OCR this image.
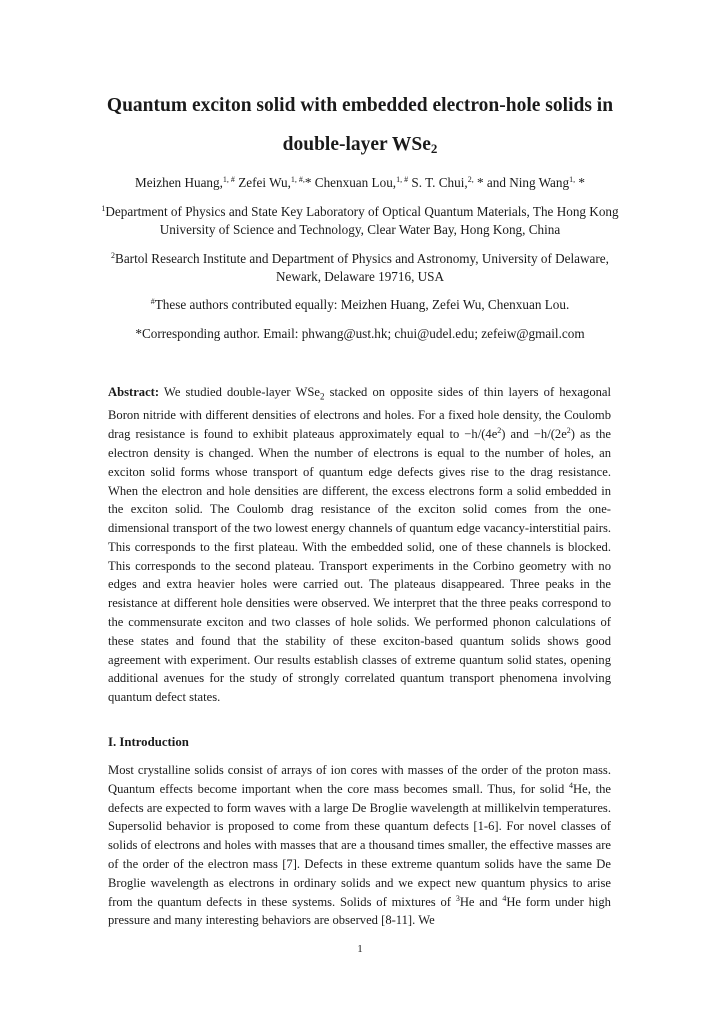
Quantum exciton solid with embedded electron-hole solids in
double-layer WSe$_2$
Meizhen Huang,$^{1, \#}$ Zefei Wu,$^{1, \#,}$* Chenxuan Lou,$^{1, \#}$ S. T. Chui,$^{2,}$ * and Ning Wang$^{1,}$ *
$^1$Department of Physics and State Key Laboratory of Optical Quantum Materials, The Hong Kong University of Science and Technology, Clear Water Bay, Hong Kong, China
$^2$Bartol Research Institute and Department of Physics and Astronomy, University of Delaware, Newark, Delaware 19716, USA
#These authors contributed equally: Meizhen Huang, Zefei Wu, Chenxuan Lou.
*Corresponding author. Email: phwang@ust.hk; chui@udel.edu; zefeiw@gmail.com

Abstract: We studied double-layer WSe$_2$ stacked on opposite sides of thin layers of hexagonal Boron nitride with different densities of electrons and holes. For a fixed hole density, the Coulomb drag resistance is found to exhibit plateaus approximately equal to $-h/(4e^2)$ and $-h/(2e^2)$ as the electron density is changed. When the number of electrons is equal to the number of holes, an exciton solid forms whose transport of quantum edge defects gives rise to the drag resistance. When the electron and hole densities are different, the excess electrons form a solid embedded in the exciton solid. The Coulomb drag resistance of the exciton solid comes from the one-dimensional transport of the two lowest energy channels of quantum edge vacancy-interstitial pairs. This corresponds to the first plateau. With the embedded solid, one of these channels is blocked. This corresponds to the second plateau. Transport experiments in the Corbino geometry with no edges and extra heavier holes were carried out. The plateaus disappeared. Three peaks in the resistance at different hole densities were observed. We interpret that the three peaks correspond to the commensurate exciton and two classes of hole solids. We performed phonon calculations of these states and found that the stability of these exciton-based quantum solids shows good agreement with experiment. Our results establish classes of extreme quantum solid states, opening additional avenues for the study of strongly correlated quantum transport phenomena involving quantum defect states.

I. Introduction

Most crystalline solids consist of arrays of ion cores with masses of the order of the proton mass. Quantum effects become important when the core mass becomes small. Thus, for solid $^4$He, the defects are expected to form waves with a large De Broglie wavelength at millikelvin temperatures. Supersolid behavior is proposed to come from these quantum defects [1-6]. For novel classes of solids of electrons and holes with masses that are a thousand times smaller, the effective masses are of the order of the electron mass [7]. Defects in these extreme quantum solids have the same De Broglie wavelength as electrons in ordinary solids and we expect new quantum physics to arise from the quantum defects in these systems. Solids of mixtures of $^3$He and $^4$He form under high pressure and many interesting behaviors are observed [8-11]. We

1
